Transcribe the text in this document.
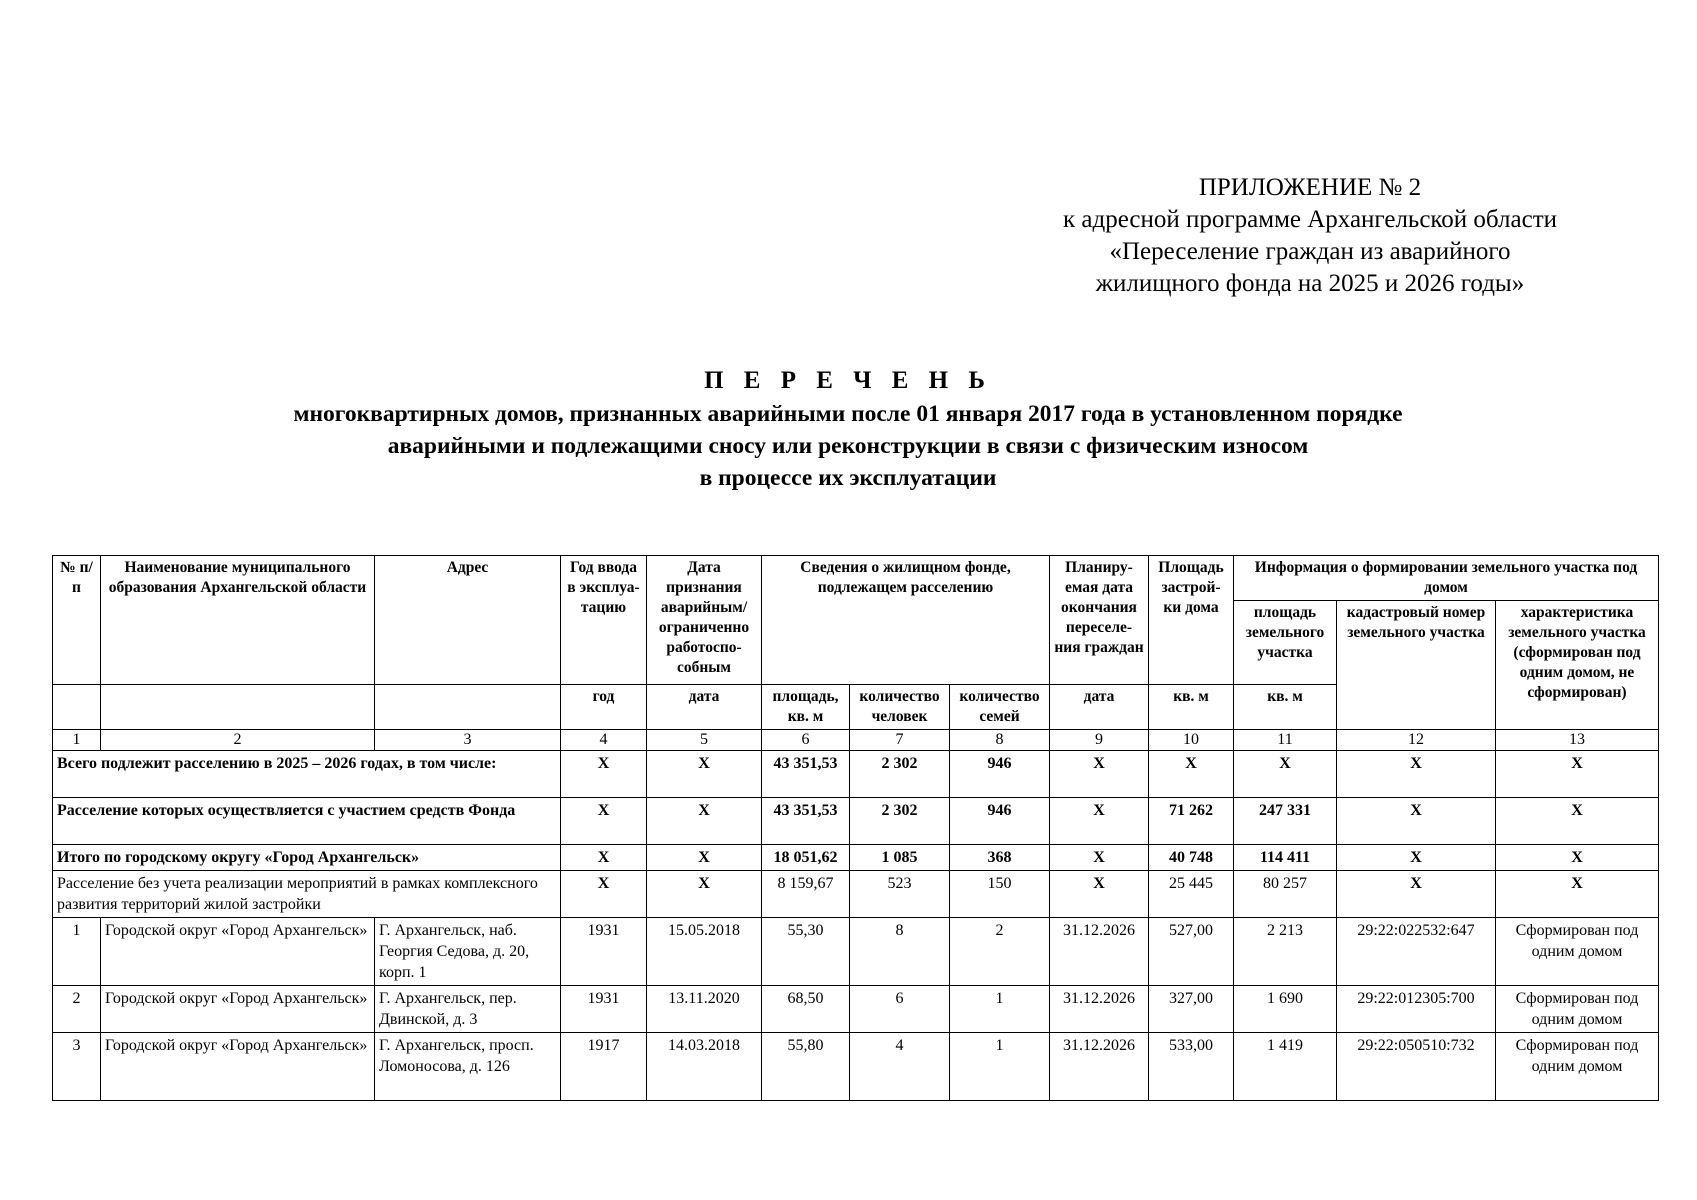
ПРИЛОЖЕНИЕ № 2
к адресной программе Архангельской области
«Переселение граждан из аварийного
жилищного фонда на 2025 и 2026 годы»
П Е Р Е Ч Е Н Ь
многоквартирных домов, признанных аварийными после 01 января 2017 года в установленном порядке
аварийными и подлежащими сносу или реконструкции в связи с физическим износом
в процессе их эксплуатации
№ п/п	Наименование муниципального образования Архангельской области	Адрес	Год ввода в эксплуа-тацию	Дата признания аварийным/ ограниченно работоспо-собным	Сведения о жилищном фонде, подлежащем расселению			Планиру-емая дата окончания переселе-ния граждан	Площадь застрой-ки дома	Информация о формировании земельного участка под домом		
										площадь земельного участка	кадастровый номер земельного участка	характеристика земельного участка (сформирован под одним домом, не сформирован)
			год	дата	площадь, кв. м	количество человек	количество семей	дата	кв. м	кв. м		
1	2	3	4	5	6	7	8	9	10	11	12	13
Всего подлежит расселению в 2025 – 2026 годах, в том числе:			X	X	43 351,53	2 302	946	X	X	X	X	X
Расселение которых осуществляется с участием средств Фонда			X	X	43 351,53	2 302	946	X	71 262	247 331	X	X
Итого по городскому округу «Город Архангельск»			X	X	18 051,62	1 085	368	X	40 748	114 411	X	X
Расселение без учета реализации мероприятий в рамках комплексного развития территорий жилой застройки			X	X	8 159,67	523	150	X	25 445	80 257	X	X
1	Городской округ «Город Архангельск»	Г. Архангельск, наб. Георгия Седова, д. 20, корп. 1	1931	15.05.2018	55,30	8	2	31.12.2026	527,00	2 213	29:22:022532:647	Сформирован под одним домом
2	Городской округ «Город Архангельск»	Г. Архангельск, пер. Двинской, д. 3	1931	13.11.2020	68,50	6	1	31.12.2026	327,00	1 690	29:22:012305:700	Сформирован под одним домом
3	Городской округ «Город Архангельск»	Г. Архангельск, просп. Ломоносова, д. 126	1917	14.03.2018	55,80	4	1	31.12.2026	533,00	1 419	29:22:050510:732	Сформирован под одним домом
